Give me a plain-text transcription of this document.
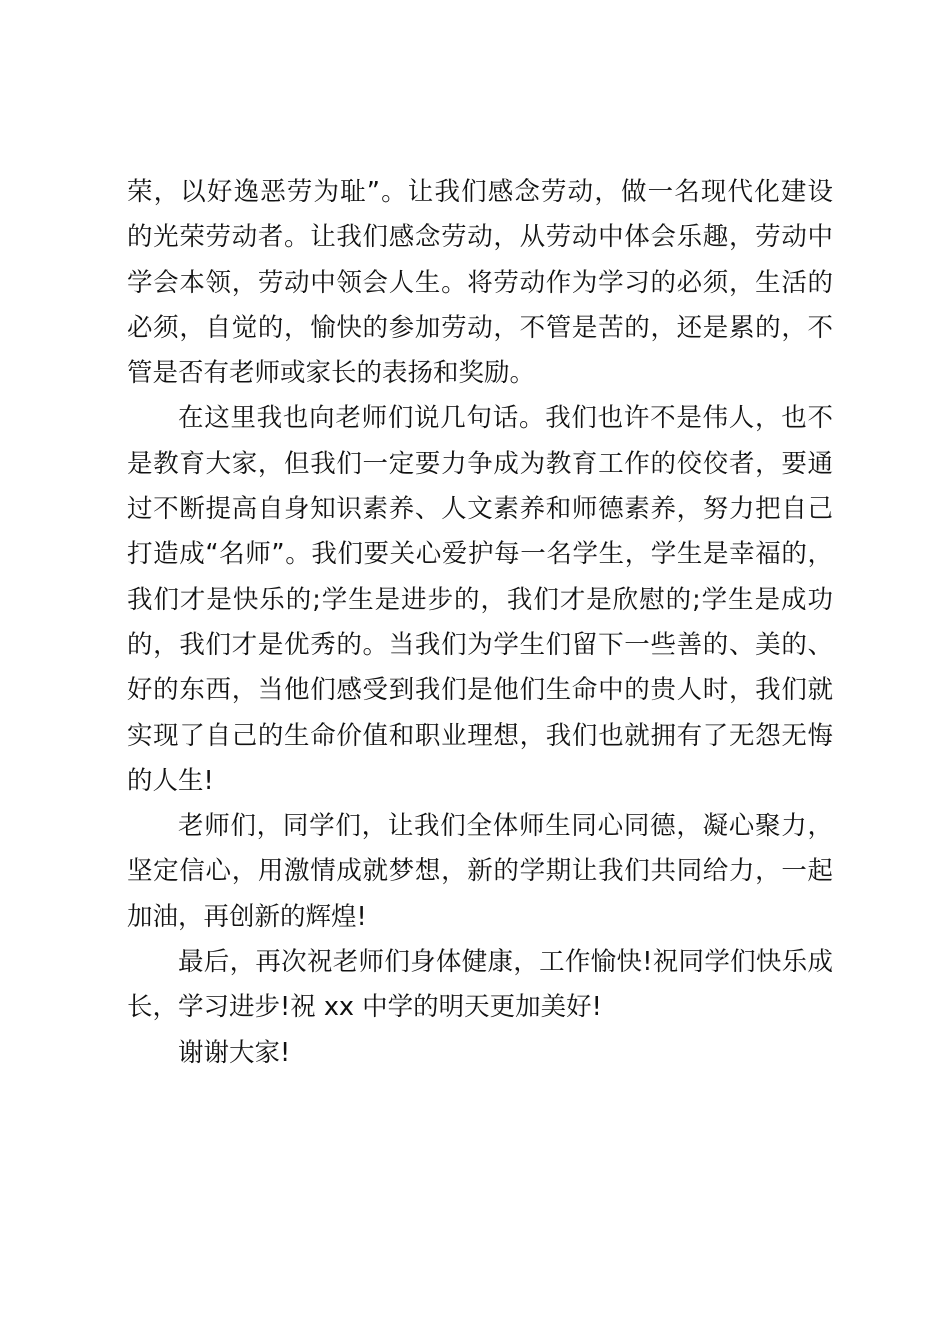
荣，以好逸恶劳为耻”。让我们感念劳动，做一名现代化建设
的光荣劳动者。让我们感念劳动，从劳动中体会乐趣，劳动中
学会本领，劳动中领会人生。将劳动作为学习的必须，生活的
必须，自觉的，愉快的参加劳动，不管是苦的，还是累的，不
管是否有老师或家长的表扬和奖励。
在这里我也向老师们说几句话。我们也许不是伟人，也不
是教育大家，但我们一定要力争成为教育工作的佼佼者，要通
过不断提高自身知识素养、人文素养和师德素养，努力把自己
打造成“名师”。我们要关心爱护每一名学生，学生是幸福的，
我们才是快乐的;学生是进步的，我们才是欣慰的;学生是成功
的，我们才是优秀的。当我们为学生们留下一些善的、美的、
好的东西，当他们感受到我们是他们生命中的贵人时，我们就
实现了自己的生命价值和职业理想，我们也就拥有了无怨无悔
的人生!
老师们，同学们，让我们全体师生同心同德，凝心聚力，
坚定信心，用激情成就梦想，新的学期让我们共同给力，一起
加油，再创新的辉煌!
最后，再次祝老师们身体健康，工作愉快!祝同学们快乐成
长，学习进步!祝 xx 中学的明天更加美好!
谢谢大家!
